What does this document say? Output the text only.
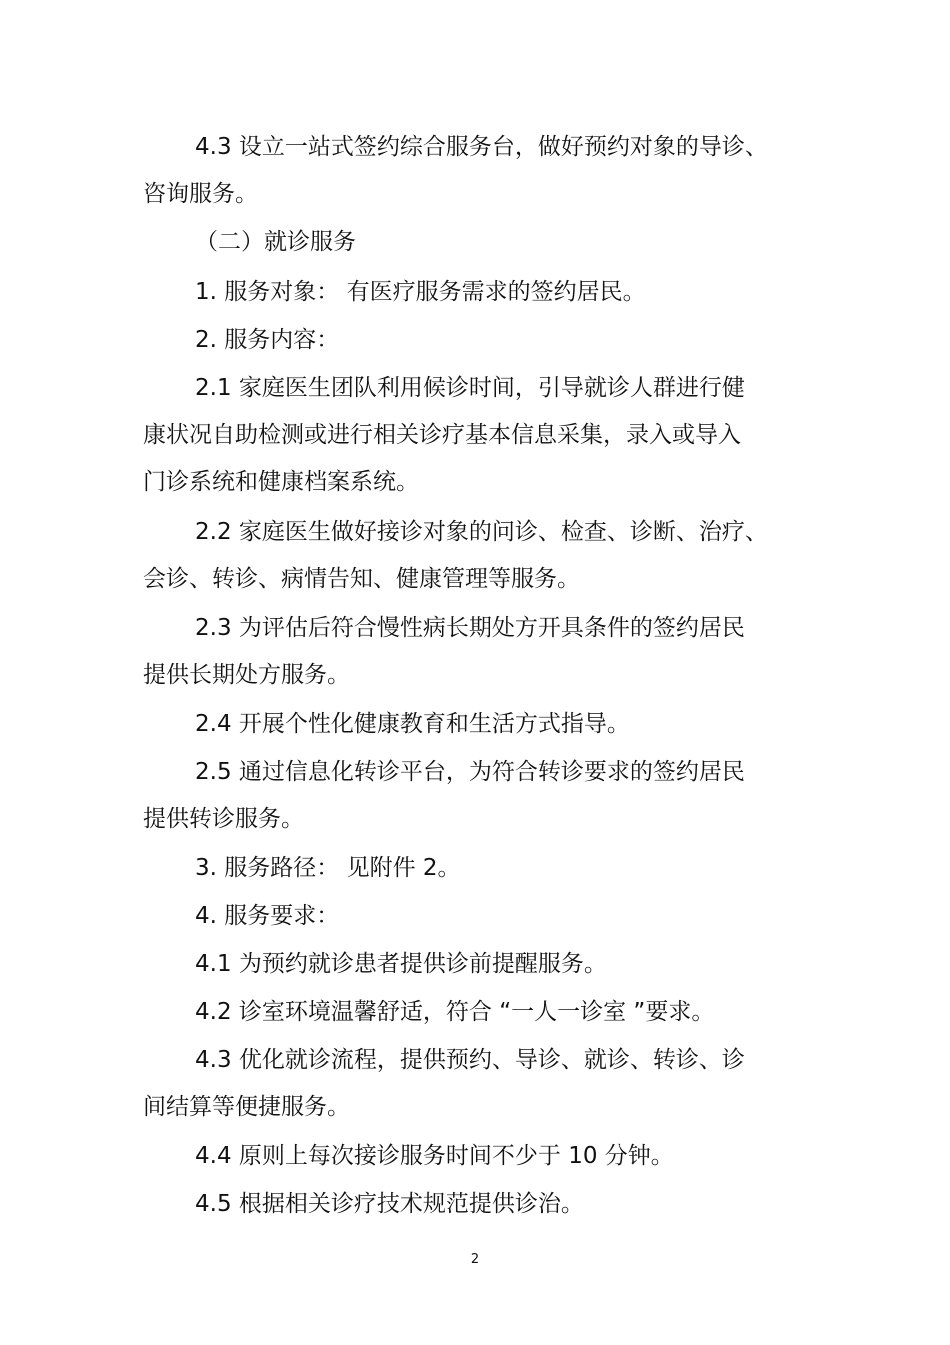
4.3 设立一站式签约综合服务台，做好预约对象的导诊、
咨询服务。
（二）就诊服务
1. 服务对象： 有医疗服务需求的签约居民。
2. 服务内容：
2.1 家庭医生团队利用候诊时间，引导就诊人群进行健
康状况自助检测或进行相关诊疗基本信息采集，录入或导入
门诊系统和健康档案系统。
2.2 家庭医生做好接诊对象的问诊、检查、诊断、治疗、
会诊、转诊、病情告知、健康管理等服务。
2.3 为评估后符合慢性病长期处方开具条件的签约居民
提供长期处方服务。
2.4 开展个性化健康教育和生活方式指导。
2.5 通过信息化转诊平台，为符合转诊要求的签约居民
提供转诊服务。
3. 服务路径： 见附件 2。
4. 服务要求：
4.1 为预约就诊患者提供诊前提醒服务。
4.2 诊室环境温馨舒适，符合 “一人一诊室 ”要求。
4.3 优化就诊流程，提供预约、导诊、就诊、转诊、诊
间结算等便捷服务。
4.4 原则上每次接诊服务时间不少于 10 分钟。
4.5 根据相关诊疗技术规范提供诊治。
2
